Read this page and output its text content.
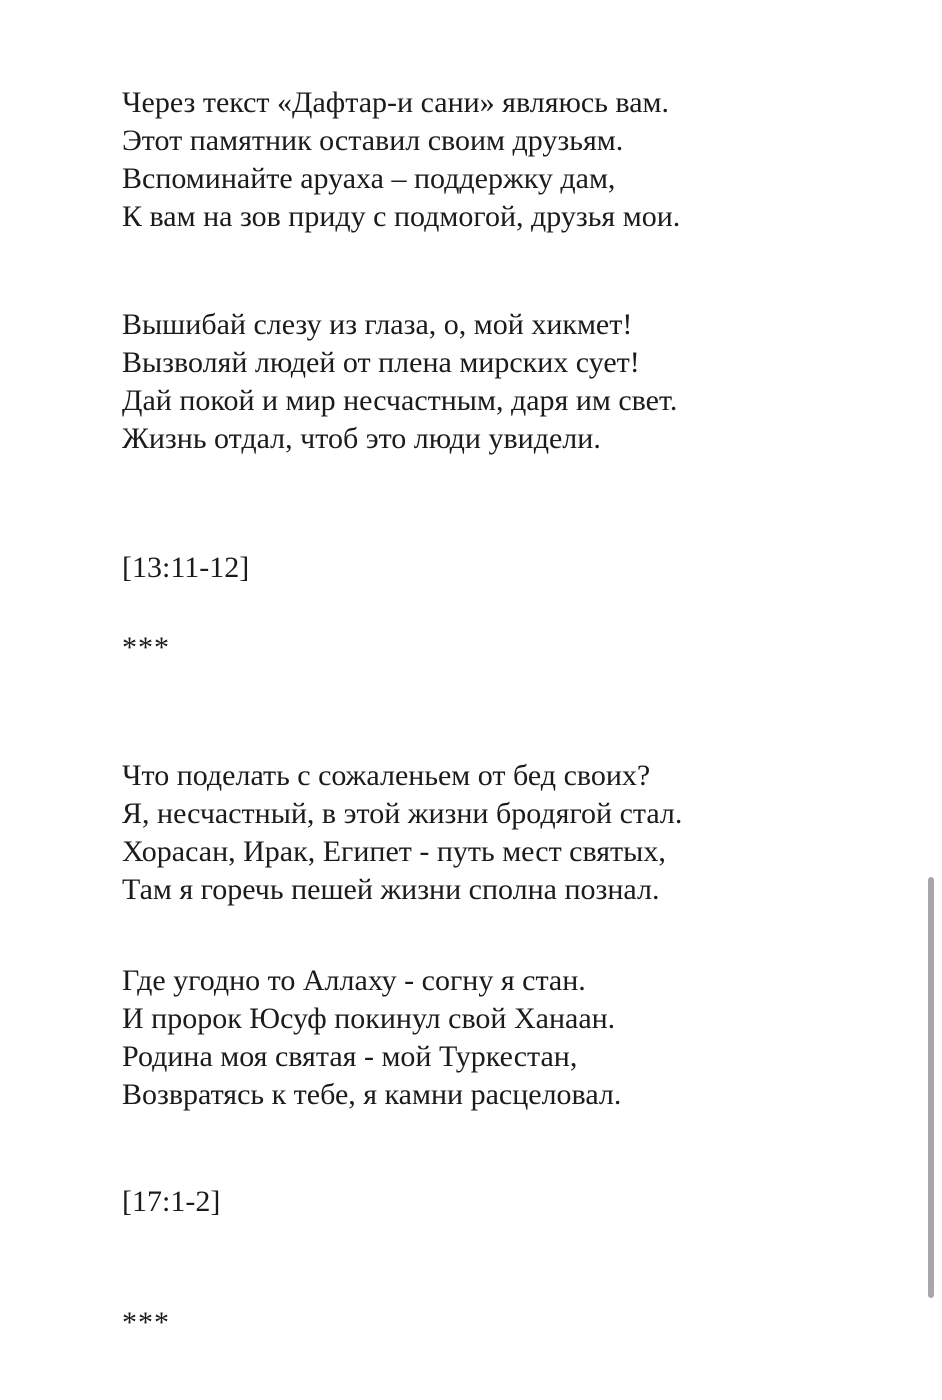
Через текст «Дафтар-и сани» являюсь вам.

Этот памятник оставил своим друзьям.

Вспоминайте аруаха – поддержку дам,

К вам на зов приду с подмогой, друзья мои.

Вышибай слезу из глаза, о, мой хикмет!

Вызволяй людей от плена мирских сует!

Дай покой и мир несчастным, даря им свет.

Жизнь отдал, чтоб это люди увидели.

[13:11-12]
***

Что поделать с сожаленьем от бед своих?

Я, несчастный, в этой жизни бродягой стал.

Хорасан, Ирак, Египет - путь мест святых,

Там я горечь пешей жизни сполна познал.

Где угодно то Аллаху - согну я стан.

И пророк Юсуф покинул свой Ханаан.

Родина моя святая - мой Туркестан,

Возвратясь к тебе, я камни расцеловал.

[17:1-2]
***
